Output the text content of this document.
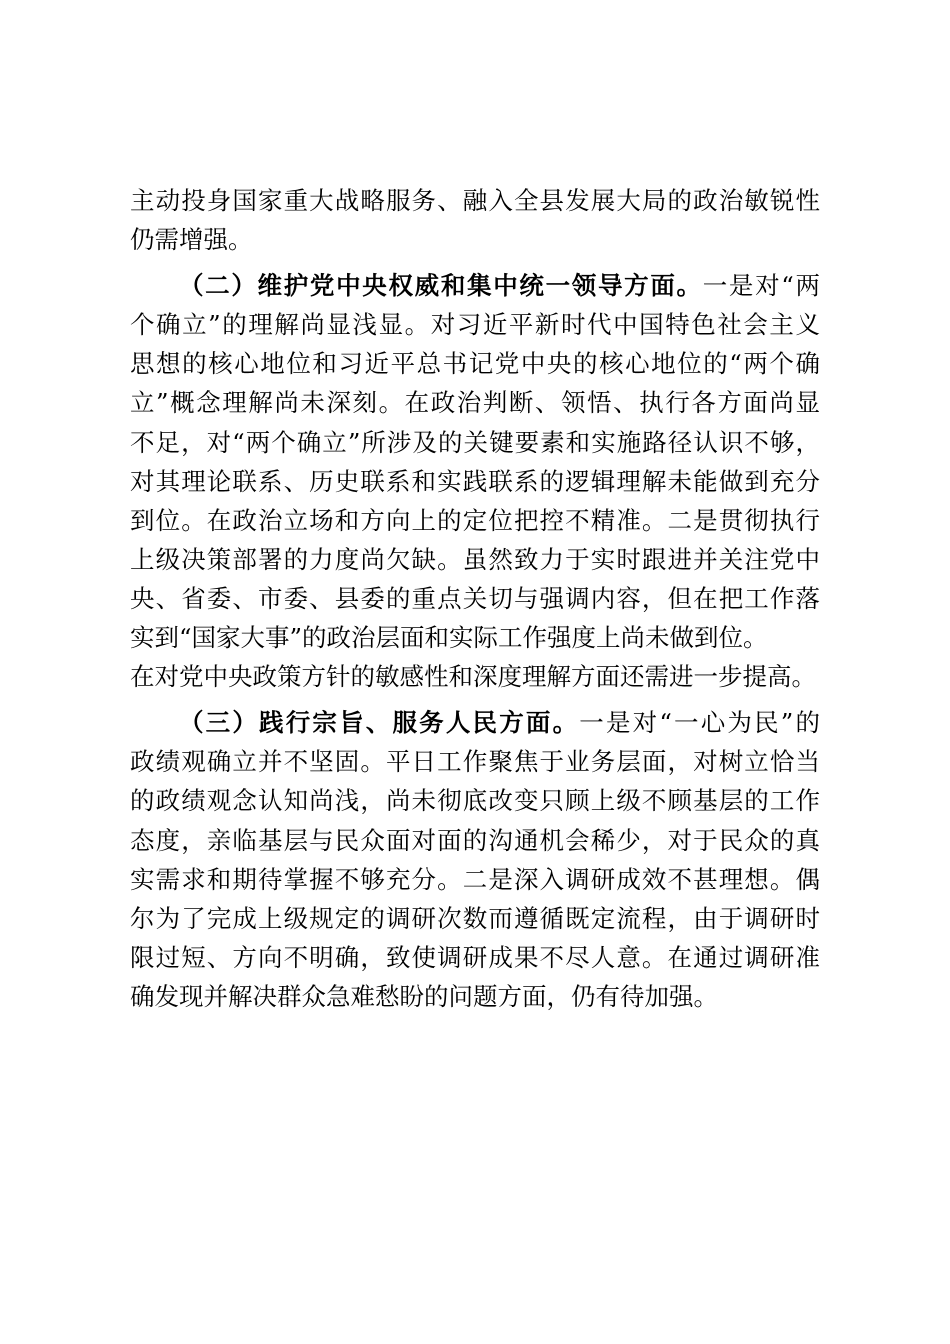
主动投身国家重大战略服务、融入全县发展大局的政治敏锐性
仍需增强。
（二）维护党中央权威和集中统一领导方面。一是对“两
个确立”的理解尚显浅显。对习近平新时代中国特色社会主义
思想的核心地位和习近平总书记党中央的核心地位的“两个确
立”概念理解尚未深刻。在政治判断、领悟、执行各方面尚显
不足，对“两个确立”所涉及的关键要素和实施路径认识不够，
对其理论联系、历史联系和实践联系的逻辑理解未能做到充分
到位。在政治立场和方向上的定位把控不精准。二是贯彻执行
上级决策部署的力度尚欠缺。虽然致力于实时跟进并关注党中
央、省委、市委、县委的重点关切与强调内容，但在把工作落
实到“国家大事”的政治层面和实际工作强度上尚未做到位。
在对党中央政策方针的敏感性和深度理解方面还需进一步提高。
（三）践行宗旨、服务人民方面。一是对“一心为民”的
政绩观确立并不坚固。平日工作聚焦于业务层面，对树立恰当
的政绩观念认知尚浅，尚未彻底改变只顾上级不顾基层的工作
态度，亲临基层与民众面对面的沟通机会稀少，对于民众的真
实需求和期待掌握不够充分。二是深入调研成效不甚理想。偶
尔为了完成上级规定的调研次数而遵循既定流程，由于调研时
限过短、方向不明确，致使调研成果不尽人意。在通过调研准
确发现并解决群众急难愁盼的问题方面，仍有待加强。
